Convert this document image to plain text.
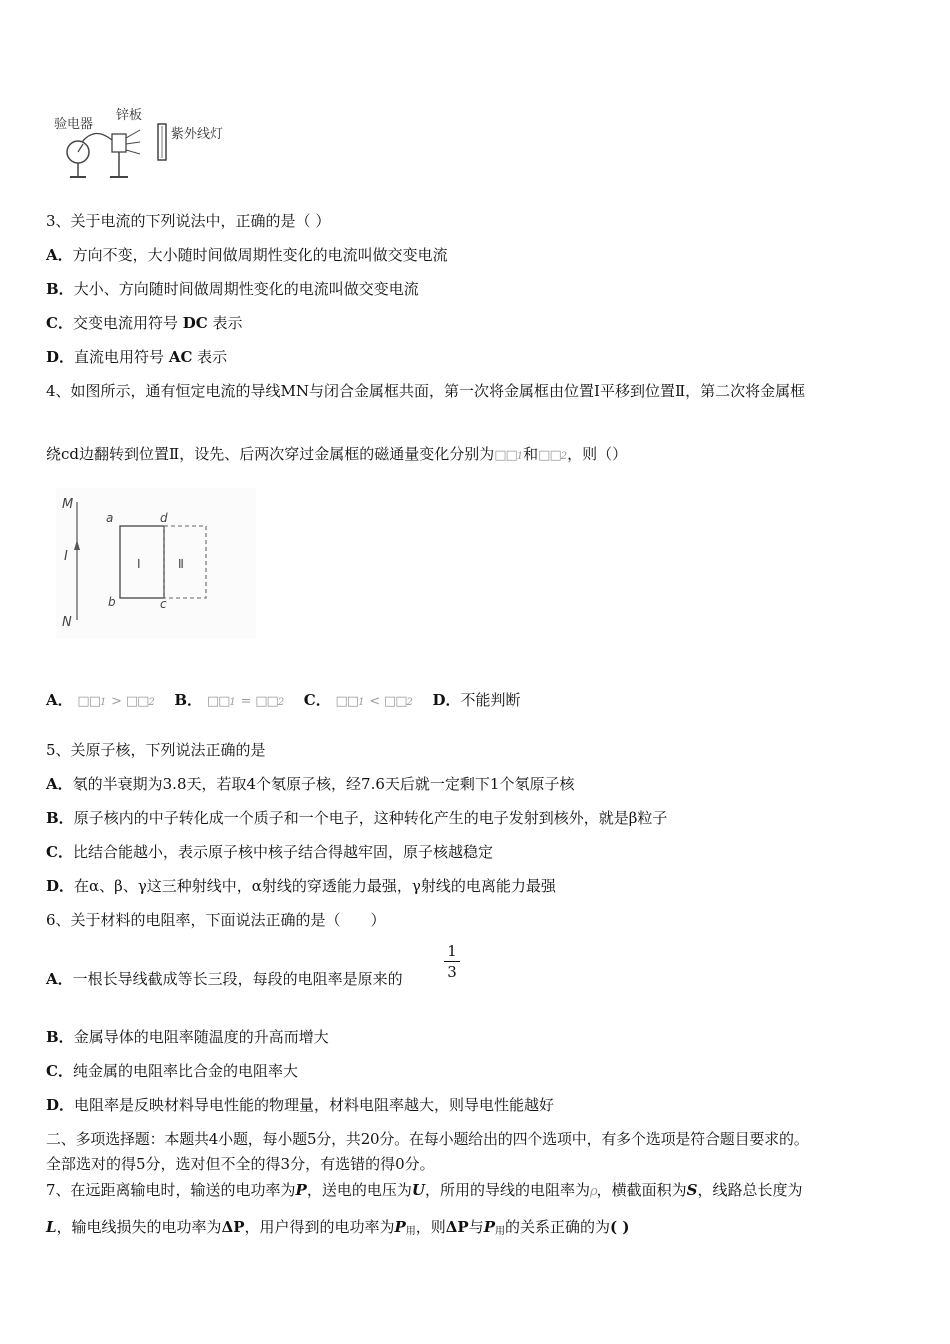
验电器
锌板
紫外线灯
3、关于电流的下列说法中，正确的是（ ）
A．方向不变，大小随时间做周期性变化的电流叫做交变电流
B．大小、方向随时间做周期性变化的电流叫做交变电流
C．交变电流用符号 DC 表示
D．直流电用符号 AC 表示
4、如图所示，通有恒定电流的导线MN与闭合金属框共面，第一次将金属框由位置Ⅰ平移到位置Ⅱ，第二次将金属框
绕cd边翻转到位置Ⅱ，设先、后两次穿过金属框的磁通量变化分别为□□1和□□2，则（）
M
I
N
a	d
b	c
Ⅰ	Ⅱ
A． □□1 > □□2 B． □□1 = □□2 C． □□1 < □□2 D．不能判断
5、关原子核，下列说法正确的是
A．氡的半衰期为3.8天，若取4个氡原子核，经7.6天后就一定剩下1个氡原子核
B．原子核内的中子转化成一个质子和一个电子，这种转化产生的电子发射到核外，就是β粒子
C．比结合能越小，表示原子核中核子结合得越牢固，原子核越稳定
D．在α、β、γ这三种射线中，α射线的穿透能力最强，γ射线的电离能力最强
6、关于材料的电阻率，下面说法正确的是（　　）
A．一根长导线截成等长三段，每段的电阻率是原来的
1
3
B．金属导体的电阻率随温度的升高而增大
C．纯金属的电阻率比合金的电阻率大
D．电阻率是反映材料导电性能的物理量，材料电阻率越大，则导电性能越好
二、多项选择题：本题共4小题，每小题5分，共20分。在每小题给出的四个选项中，有多个选项是符合题目要求的。
全部选对的得5分，选对但不全的得3分，有选错的得0分。
7、在远距离输电时，输送的电功率为P，送电的电压为U，所用的导线的电阻率为ρ，横截面积为S，线路总长度为
L，输电线损失的电功率为ΔP，用户得到的电功率为$P_用$，则ΔP与$P_用$的关系正确的为( )
